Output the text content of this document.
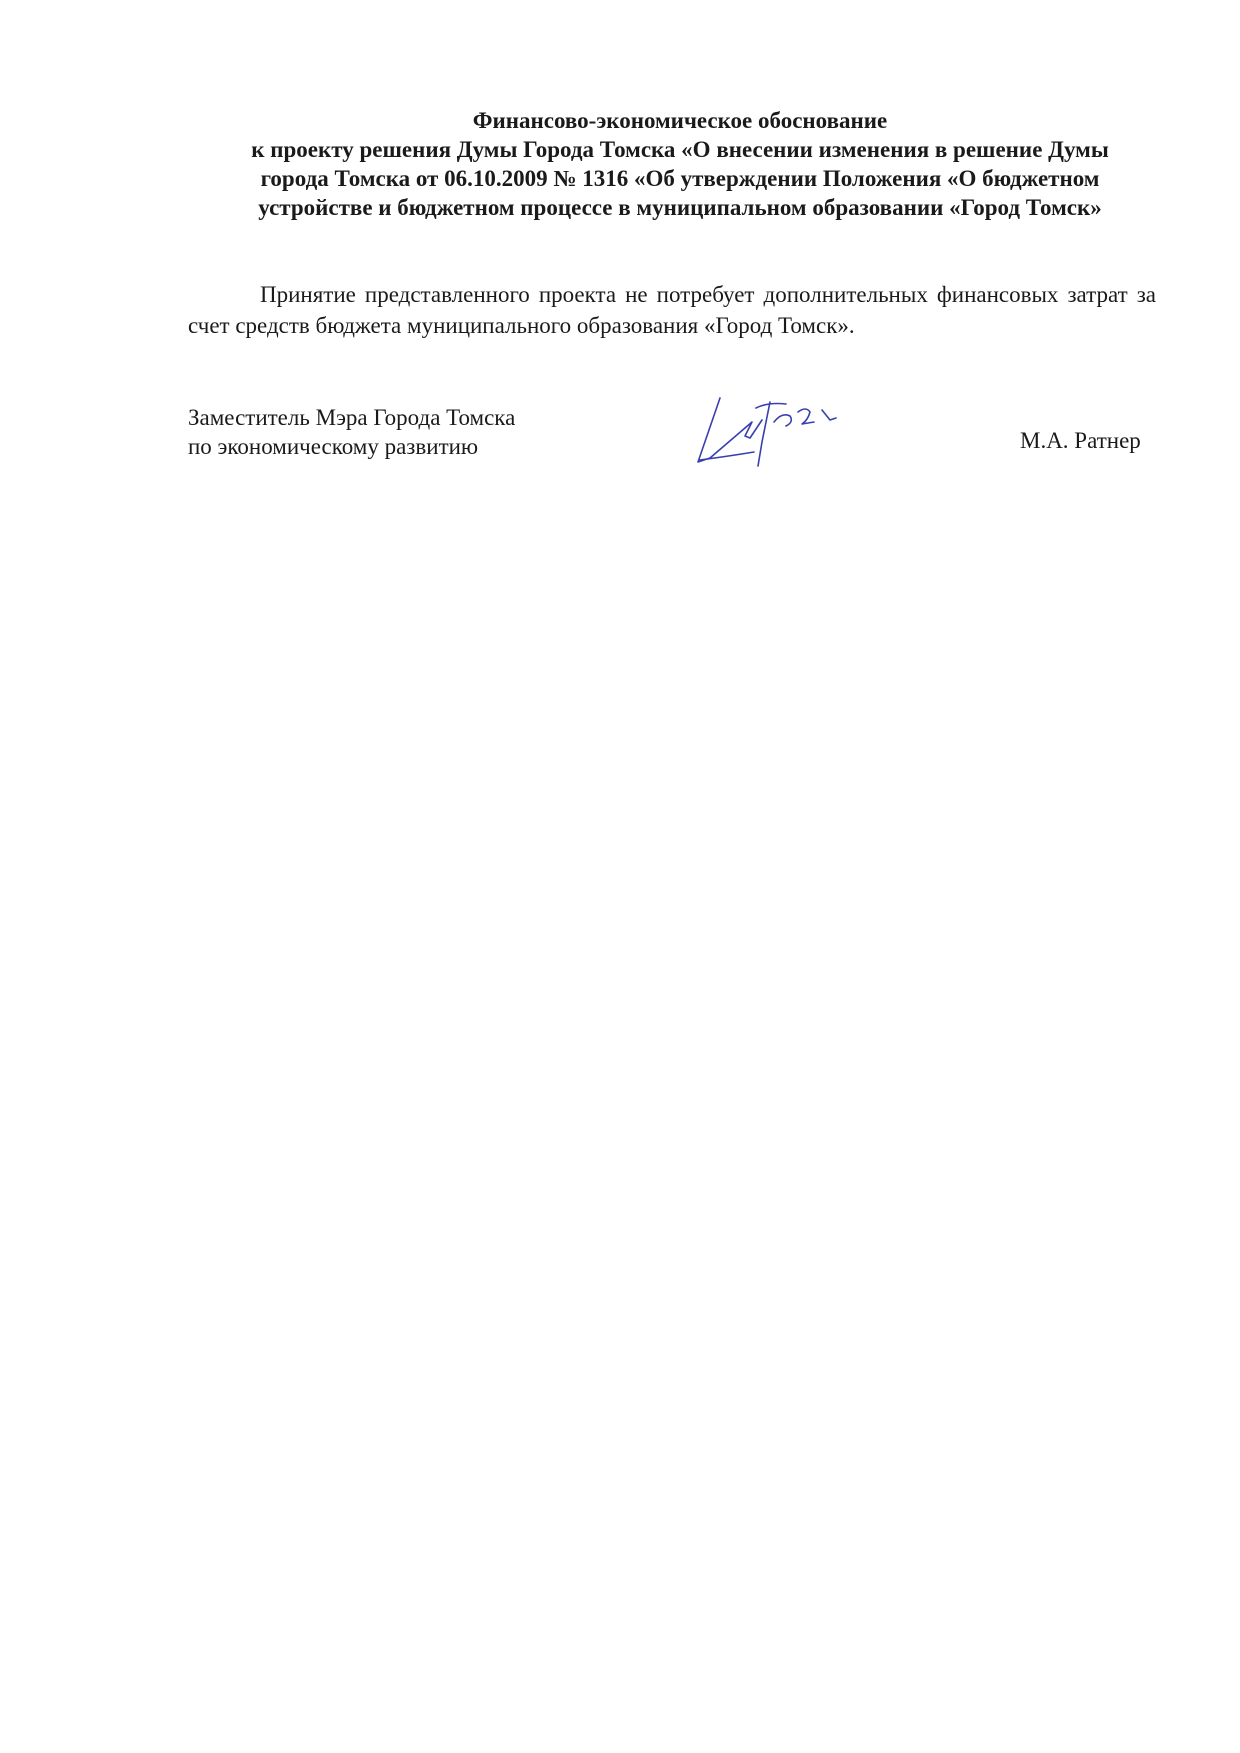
Финансово-экономическое обоснование
к проекту решения Думы Города Томска «О внесении изменения в решение Думы
города Томска от 06.10.2009 № 1316 «Об утверждении Положения «О бюджетном
устройстве и бюджетном процессе в муниципальном образовании «Город Томск»

Принятие представленного проекта не потребует дополнительных финансовых затрат за счет средств бюджета муниципального образования «Город Томск».

Заместитель Мэра Города Томска
по экономическому развитию	М.А. Ратнер
